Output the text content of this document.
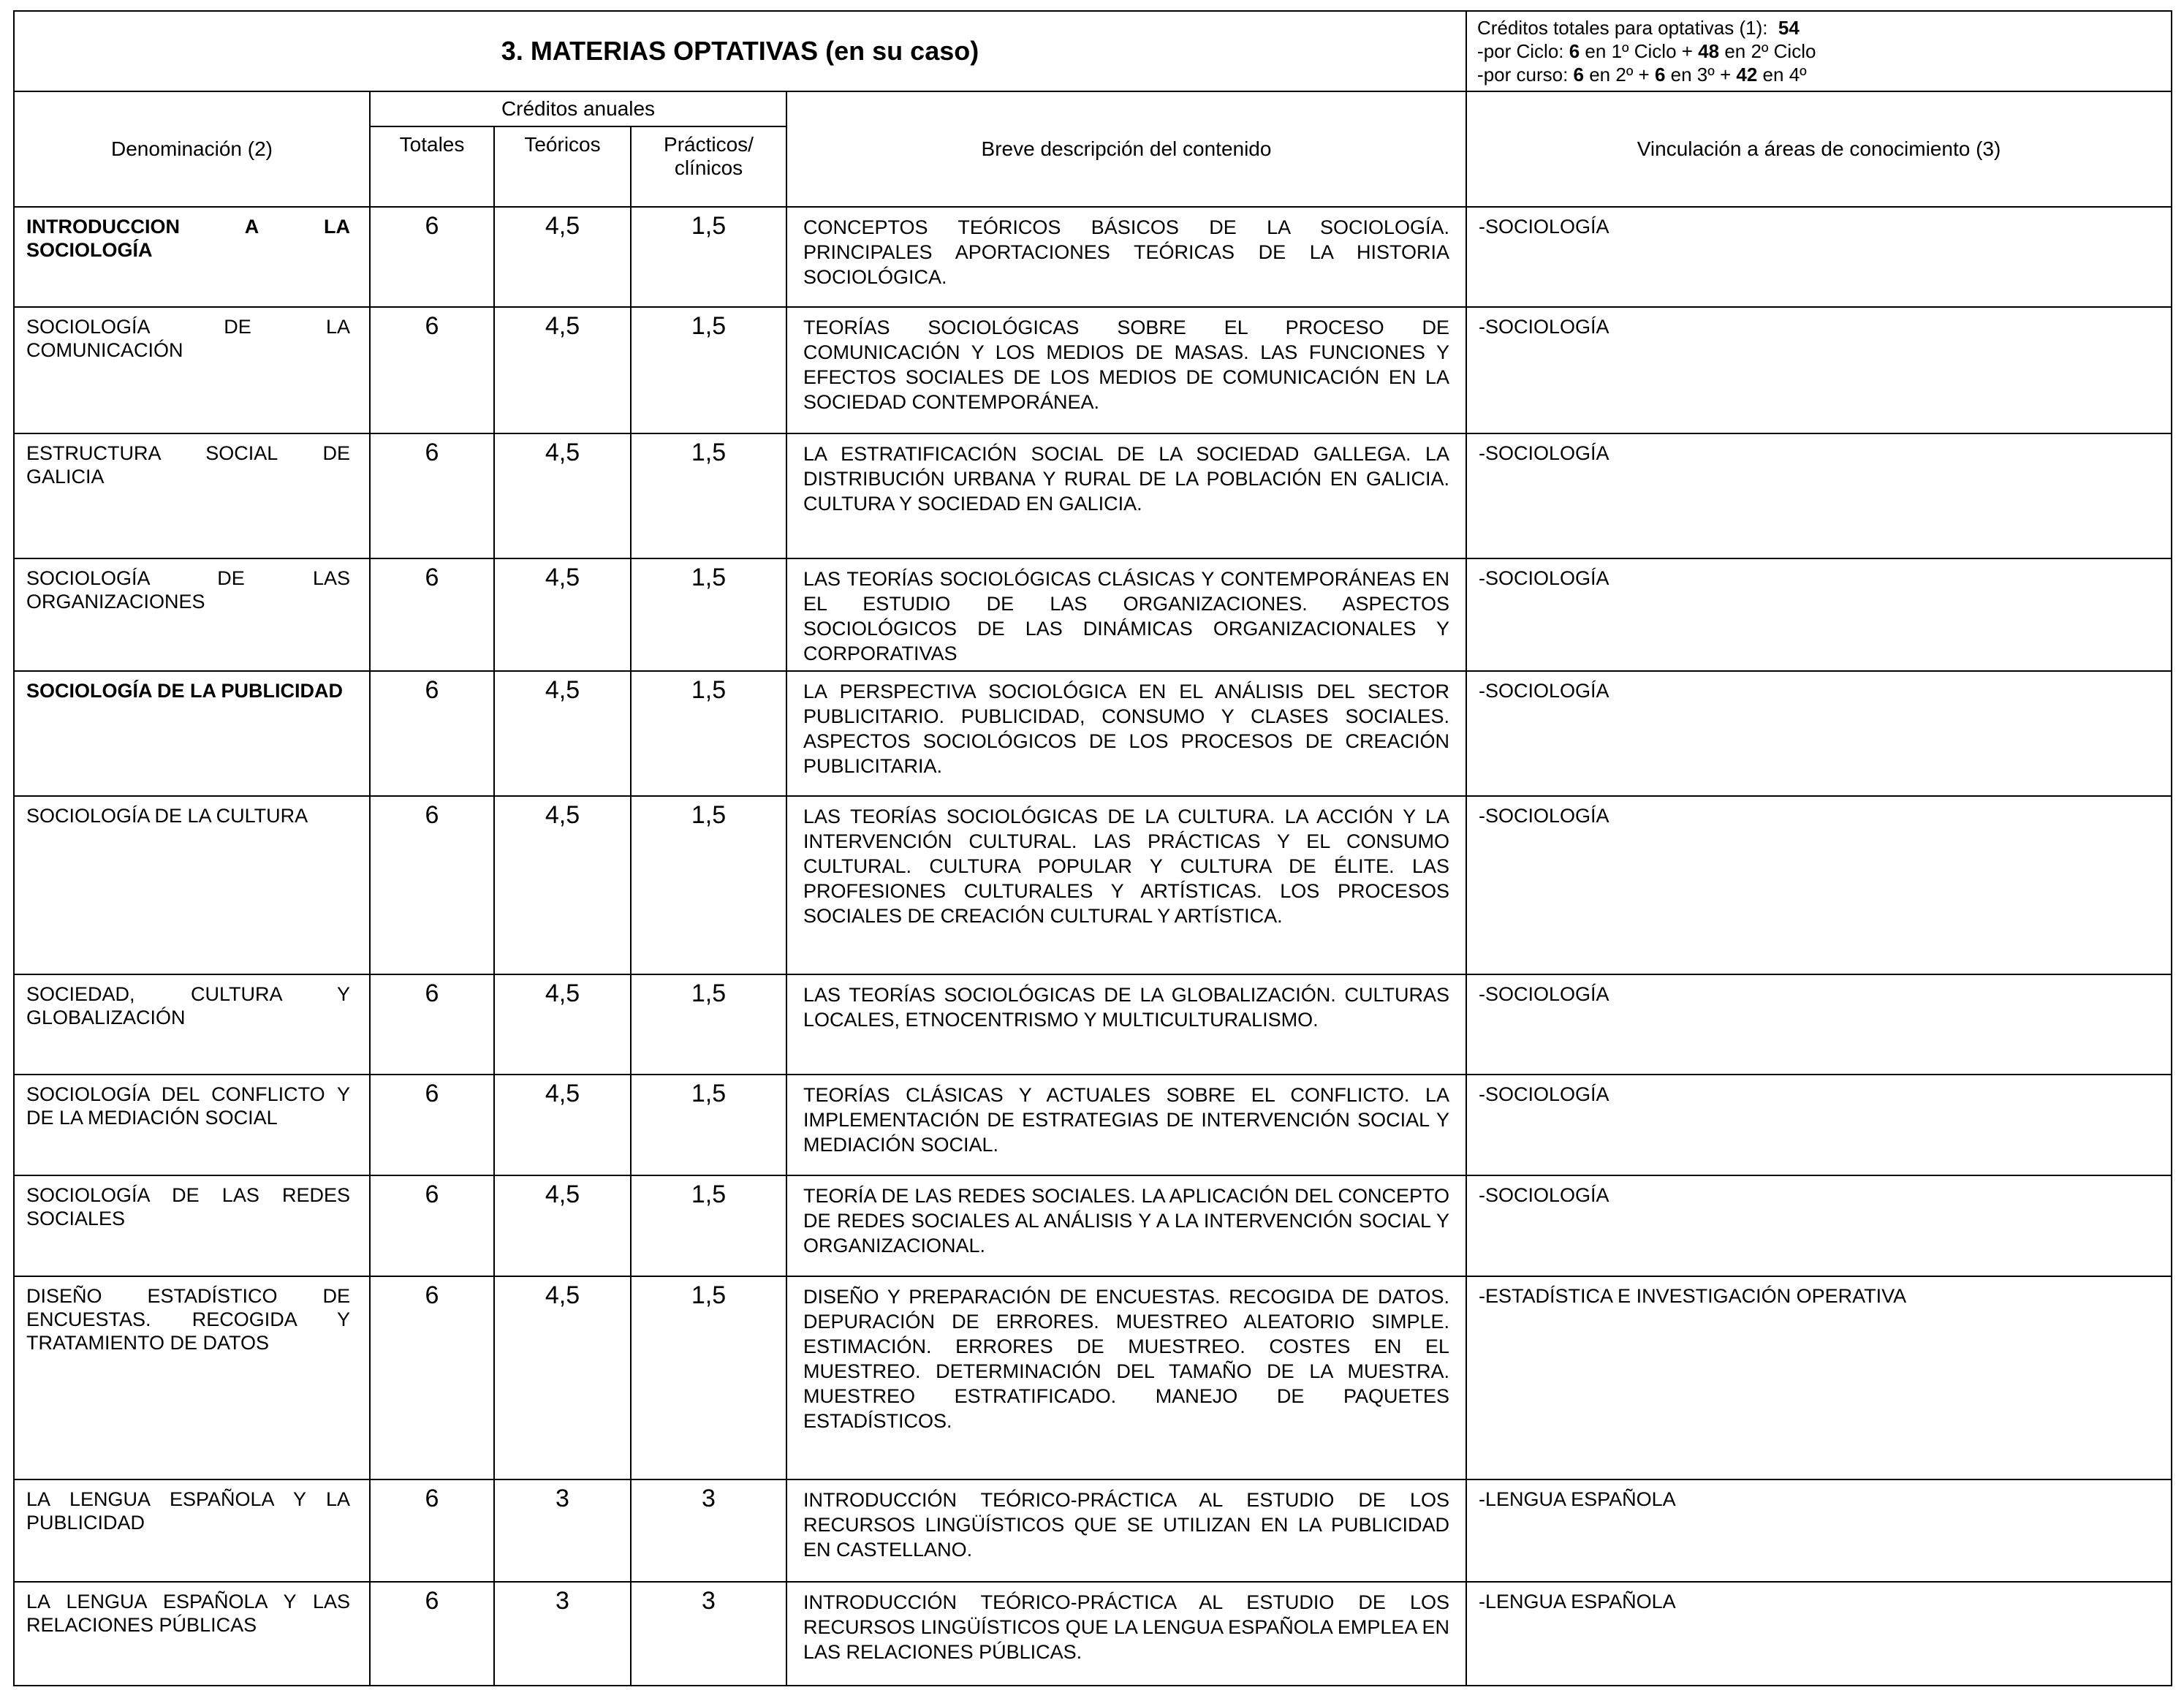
3. MATERIAS OPTATIVAS (en su caso)					Créditos totales para optativas (1): 54
-por Ciclo: 6 en 1º Ciclo + 48 en 2º Ciclo
-por curso: 6 en 2º + 6 en 3º + 42 en 4º

Denominación (2)	Créditos anuales			Breve descripción del contenido	Vinculación a áreas de conocimiento (3)
	Totales	Teóricos	Prácticos/ clínicos		
INTRODUCCION A LA SOCIOLOGÍA	6	4,5	1,5	CONCEPTOS TEÓRICOS BÁSICOS DE LA SOCIOLOGÍA. PRINCIPALES APORTACIONES TEÓRICAS DE LA HISTORIA SOCIOLÓGICA.	-SOCIOLOGÍA
SOCIOLOGÍA DE LA COMUNICACIÓN	6	4,5	1,5	TEORÍAS SOCIOLÓGICAS SOBRE EL PROCESO DE COMUNICACIÓN Y LOS MEDIOS DE MASAS. LAS FUNCIONES Y EFECTOS SOCIALES DE LOS MEDIOS DE COMUNICACIÓN EN LA SOCIEDAD CONTEMPORÁNEA.	-SOCIOLOGÍA
ESTRUCTURA SOCIAL DE GALICIA	6	4,5	1,5	LA ESTRATIFICACIÓN SOCIAL DE LA SOCIEDAD GALLEGA. LA DISTRIBUCIÓN URBANA Y RURAL DE LA POBLACIÓN EN GALICIA. CULTURA Y SOCIEDAD EN GALICIA.	-SOCIOLOGÍA
SOCIOLOGÍA DE LAS ORGANIZACIONES	6	4,5	1,5	LAS TEORÍAS SOCIOLÓGICAS CLÁSICAS Y CONTEMPORÁNEAS EN EL ESTUDIO DE LAS ORGANIZACIONES. ASPECTOS SOCIOLÓGICOS DE LAS DINÁMICAS ORGANIZACIONALES Y CORPORATIVAS	-SOCIOLOGÍA
SOCIOLOGÍA DE LA PUBLICIDAD	6	4,5	1,5	LA PERSPECTIVA SOCIOLÓGICA EN EL ANÁLISIS DEL SECTOR PUBLICITARIO. PUBLICIDAD, CONSUMO Y CLASES SOCIALES. ASPECTOS SOCIOLÓGICOS DE LOS PROCESOS DE CREACIÓN PUBLICITARIA.	-SOCIOLOGÍA
SOCIOLOGÍA DE LA CULTURA	6	4,5	1,5	LAS TEORÍAS SOCIOLÓGICAS DE LA CULTURA. LA ACCIÓN Y LA INTERVENCIÓN CULTURAL. LAS PRÁCTICAS Y EL CONSUMO CULTURAL. CULTURA POPULAR Y CULTURA DE ÉLITE. LAS PROFESIONES CULTURALES Y ARTÍSTICAS. LOS PROCESOS SOCIALES DE CREACIÓN CULTURAL Y ARTÍSTICA.	-SOCIOLOGÍA
SOCIEDAD, CULTURA Y GLOBALIZACIÓN	6	4,5	1,5	LAS TEORÍAS SOCIOLÓGICAS DE LA GLOBALIZACIÓN. CULTURAS LOCALES, ETNOCENTRISMO Y MULTICULTURALISMO.	-SOCIOLOGÍA
SOCIOLOGÍA DEL CONFLICTO Y DE LA MEDIACIÓN SOCIAL	6	4,5	1,5	TEORÍAS CLÁSICAS Y ACTUALES SOBRE EL CONFLICTO. LA IMPLEMENTACIÓN DE ESTRATEGIAS DE INTERVENCIÓN SOCIAL Y MEDIACIÓN SOCIAL.	-SOCIOLOGÍA
SOCIOLOGÍA DE LAS REDES SOCIALES	6	4,5	1,5	TEORÍA DE LAS REDES SOCIALES. LA APLICACIÓN DEL CONCEPTO DE REDES SOCIALES AL ANÁLISIS Y A LA INTERVENCIÓN SOCIAL Y ORGANIZACIONAL.	-SOCIOLOGÍA
DISEÑO ESTADÍSTICO DE ENCUESTAS. RECOGIDA Y TRATAMIENTO DE DATOS	6	4,5	1,5	DISEÑO Y PREPARACIÓN DE ENCUESTAS. RECOGIDA DE DATOS. DEPURACIÓN DE ERRORES. MUESTREO ALEATORIO SIMPLE. ESTIMACIÓN. ERRORES DE MUESTREO. COSTES EN EL MUESTREO. DETERMINACIÓN DEL TAMAÑO DE LA MUESTRA. MUESTREO ESTRATIFICADO. MANEJO DE PAQUETES ESTADÍSTICOS.	-ESTADÍSTICA E INVESTIGACIÓN OPERATIVA
LA LENGUA ESPAÑOLA Y LA PUBLICIDAD	6	3	3	INTRODUCCIÓN TEÓRICO-PRÁCTICA AL ESTUDIO DE LOS RECURSOS LINGÜÍSTICOS QUE SE UTILIZAN EN LA PUBLICIDAD EN CASTELLANO.	-LENGUA ESPAÑOLA
LA LENGUA ESPAÑOLA Y LAS RELACIONES PÚBLICAS	6	3	3	INTRODUCCIÓN TEÓRICO-PRÁCTICA AL ESTUDIO DE LOS RECURSOS LINGÜÍSTICOS QUE LA LENGUA ESPAÑOLA EMPLEA EN LAS RELACIONES PÚBLICAS.	-LENGUA ESPAÑOLA
